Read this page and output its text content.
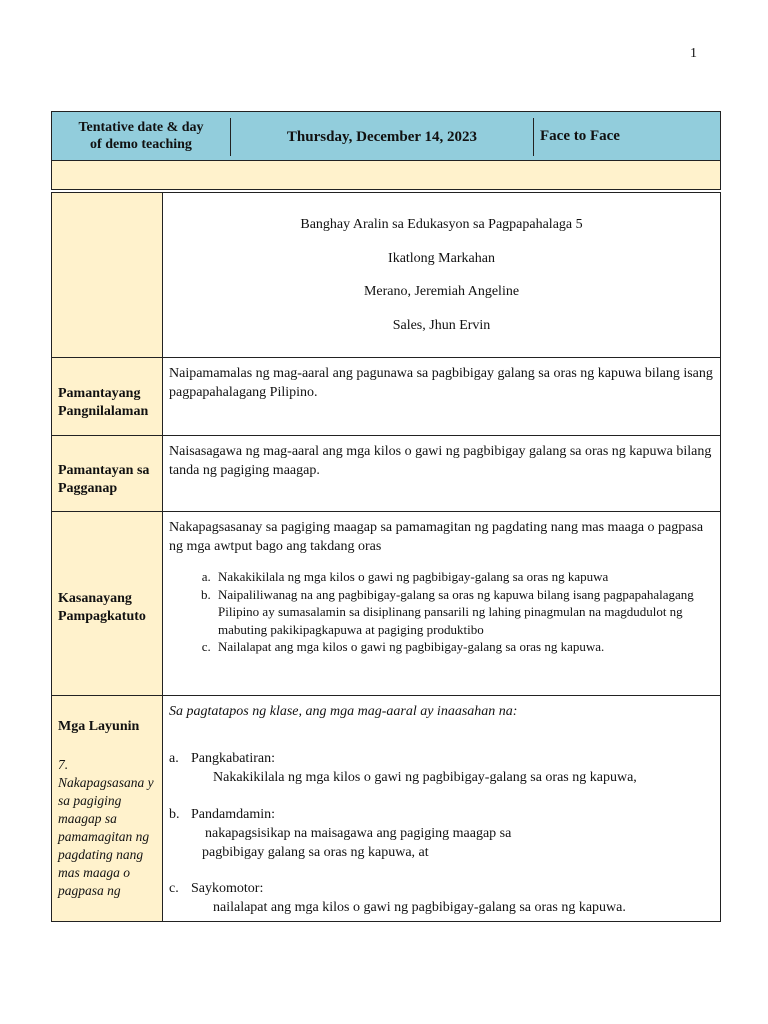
1
Tentative date & day
of demo teaching	Thursday, December 14, 2023	Face to Face
Banghay Aralin sa Edukasyon sa Pagpapahalaga 5
Ikatlong Markahan
Merano, Jeremiah Angeline
Sales, Jhun Ervin
Pamantayang
Pangnilalaman
Naipamamalas ng mag-aaral ang pagunawa sa pagbibigay galang sa oras ng kapuwa bilang isang pagpapahalagang Pilipino.
Pamantayan sa
Pagganap
Naisasagawa ng mag-aaral ang mga kilos o gawi ng pagbibigay galang sa oras ng kapuwa bilang tanda ng pagiging maagap.
Kasanayang
Pampagkatuto
Nakapagsasanay sa pagiging maagap sa pamamagitan ng pagdating nang mas maaga o pagpasa ng mga awtput bago ang takdang oras
a. Nakakikilala ng mga kilos o gawi ng pagbibigay-galang sa oras ng kapuwa
b. Naipaliliwanag na ang pagbibigay-galang sa oras ng kapuwa bilang isang pagpapahalagang Pilipino ay sumasalamin sa disiplinang pansarili ng lahing pinagmulan na magdudulot ng mabuting pakikipagkapuwa at pagiging produktibo
c. Nailalapat ang mga kilos o gawi ng pagbibigay-galang sa oras ng kapuwa.
Mga Layunin
7. Nakapagsasana y sa pagiging maagap sa pamamagitan ng pagdating nang mas maaga o pagpasa ng
Sa pagtatapos ng klase, ang mga mag-aaral ay inaasahan na:
a. Pangkabatiran:
Nakakikilala ng mga kilos o gawi ng pagbibigay-galang sa oras ng kapuwa,
b. Pandamdamin:
nakapagsisikap na maisagawa ang pagiging maagap sa
pagbibigay galang sa oras ng kapuwa, at
c. Saykomotor:
nailalapat ang mga kilos o gawi ng pagbibigay-galang sa oras ng kapuwa.
